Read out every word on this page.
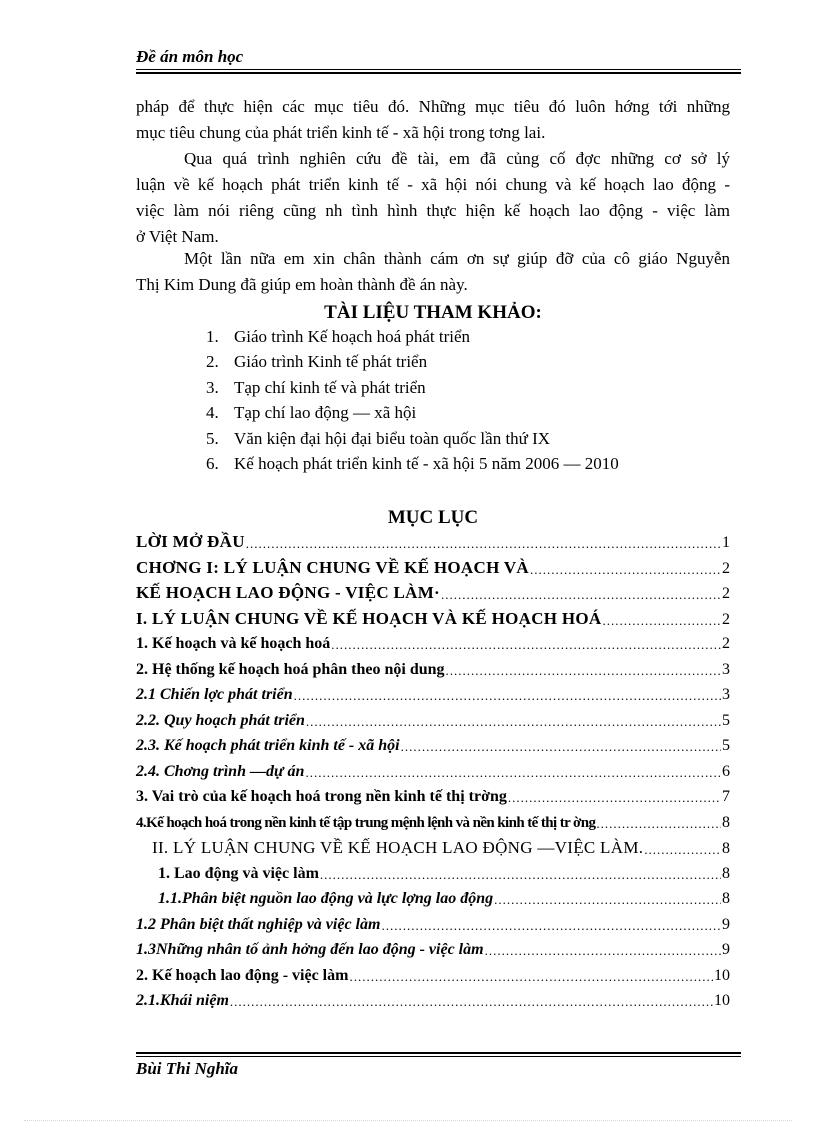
Đề án môn học
pháp để thực hiện các mục tiêu đó. Những mục tiêu đó luôn hớng tới những
mục tiêu chung của phát triển kinh tế - xã hội trong tơng lai.
Qua quá trình nghiên cứu đề tài, em đã củng cố đợc những cơ sở lý
luận về kế hoạch phát triển kinh tế - xã hội nói chung và kế hoạch lao động -
việc làm nói riêng cũng nh tình hình thực hiện kế hoạch lao động - việc làm
ở Việt Nam.
Một lần nữa em xin chân thành cám ơn sự giúp đỡ của cô giáo Nguyễn
Thị Kim Dung đã giúp em hoàn thành đề án này.
TÀI LIỆU THAM KHẢO:
1. Giáo trình Kế hoạch hoá phát triển
2. Giáo trình Kinh tế phát triển
3. Tạp chí kinh tế và phát triển
4. Tạp chí lao động — xã hội
5. Văn kiện đại hội đại biểu toàn quốc lần thứ IX
6. Kế hoạch phát triển kinh tế - xã hội 5 năm 2006 — 2010
MỤC LỤC
LỜI MỞ ĐẦU .....	1
CHƠNG I: LÝ LUẬN CHUNG VỀ KẾ HOẠCH VÀ .....	2
KẾ HOẠCH LAO ĐỘNG - VIỆC LÀM· .....	2
I. LÝ LUẬN CHUNG VỀ KẾ HOẠCH VÀ KẾ HOẠCH HOÁ .....	2
1. Kế hoạch và kế hoạch hoá .....	2
2. Hệ thống kế hoạch hoá phân theo nội dung .....	3
2.1 Chiến lợc phát triển .....	3
2.2. Quy hoạch phát triển .....	5
2.3. Kế hoạch phát triển kinh tế - xã hội .....	5
2.4. Chơng trình —dự án .....	6
3. Vai trò của kế hoạch hoá trong nền kinh tế thị trờng .....	7
4.Kế hoạch hoá trong nền kinh tế tập trung mệnh lệnh và nền kinh tế thị tr ờng .....	8
II. LÝ LUẬN CHUNG VỀ KẾ HOẠCH LAO ĐỘNG —VIỆC LÀM. .....	8
1. Lao động và việc làm .....	8
1.1.Phân biệt nguồn lao động và lực lợng lao động .....	8
1.2 Phân biệt thất nghiệp và việc làm .....	9
1.3Những nhân tố ảnh hởng đến lao động - việc làm .....	9
2. Kế hoạch lao động - việc làm .....	10
2.1.Khái niệm .....	10
Bùi Thi Nghĩa
